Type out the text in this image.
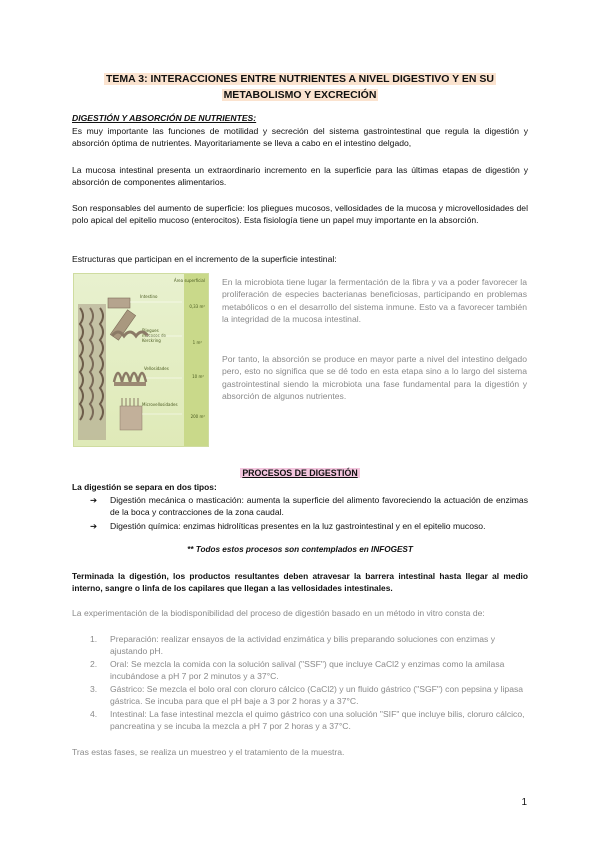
TEMA 3: INTERACCIONES ENTRE NUTRIENTES A NIVEL DIGESTIVO Y EN SU
METABOLISMO Y EXCRECIÓN
DIGESTIÓN Y ABSORCIÓN DE NUTRIENTES:
Es muy importante las funciones de motilidad y secreción del sistema gastrointestinal que regula la digestión y absorción óptima de nutrientes. Mayoritariamente se lleva a cabo en el intestino delgado,
La mucosa intestinal presenta un extraordinario incremento en la superficie para las últimas etapas de digestión y absorción de componentes alimentarios.
Son responsables del aumento de superficie: los pliegues mucosos, vellosidades de la mucosa y microvellosidades del polo apical del epitelio mucoso (enterocitos). Esta fisiología tiene un papel muy importante en la absorción.
Estructuras que participan en el incremento de la superficie intestinal:
Área superficial
Intestino
0,33 m²
Pliegues mucosos de Kerckring	1 m²
Vellosidades
10 m²
Microvellosidades
200 m²
En la microbiota tiene lugar la fermentación de la fibra y va a poder favorecer la proliferación de especies bacterianas beneficiosas, participando en problemas metabólicos o en el desarrollo del sistema inmune. Esto va a favorecer también la integridad de la mucosa intestinal.
Por tanto, la absorción se produce en mayor parte a nivel del intestino delgado pero, esto no significa que se dé todo en esta etapa sino a lo largo del sistema gastrointestinal siendo la microbiota una fase fundamental para la digestión y absorción de algunos nutrientes.
PROCESOS DE DIGESTIÓN
La digestión se separa en dos tipos:
➔ Digestión mecánica o masticación: aumenta la superficie del alimento favoreciendo la actuación de enzimas de la boca y contracciones de la zona caudal.
➔ Digestión química: enzimas hidrolíticas presentes en la luz gastrointestinal y en el epitelio mucoso.
** Todos estos procesos son contemplados en INFOGEST
Terminada la digestión, los productos resultantes deben atravesar la barrera intestinal hasta llegar al medio interno, sangre o linfa de los capilares que llegan a las vellosidades intestinales.
La experimentación de la biodisponibilidad del proceso de digestión basado en un método in vitro consta de:
1. Preparación: realizar ensayos de la actividad enzimática y bilis preparando soluciones con enzimas y ajustando pH.
2. Oral: Se mezcla la comida con la solución salival ("SSF") que incluye CaCl2 y enzimas como la amilasa incubándose a pH 7 por 2 minutos y a 37°C.
3. Gástrico: Se mezcla el bolo oral con cloruro cálcico (CaCl2) y un fluido gástrico ("SGF") con pepsina y lipasa gástrica. Se incuba para que el pH baje a 3 por 2 horas y a 37°C.
4. Intestinal: La fase intestinal mezcla el quimo gástrico con una solución "SIF" que incluye bilis, cloruro cálcico, pancreatina y se incuba la mezcla a pH 7 por 2 horas y a 37°C.
Tras estas fases, se realiza un muestreo y el tratamiento de la muestra.
1
